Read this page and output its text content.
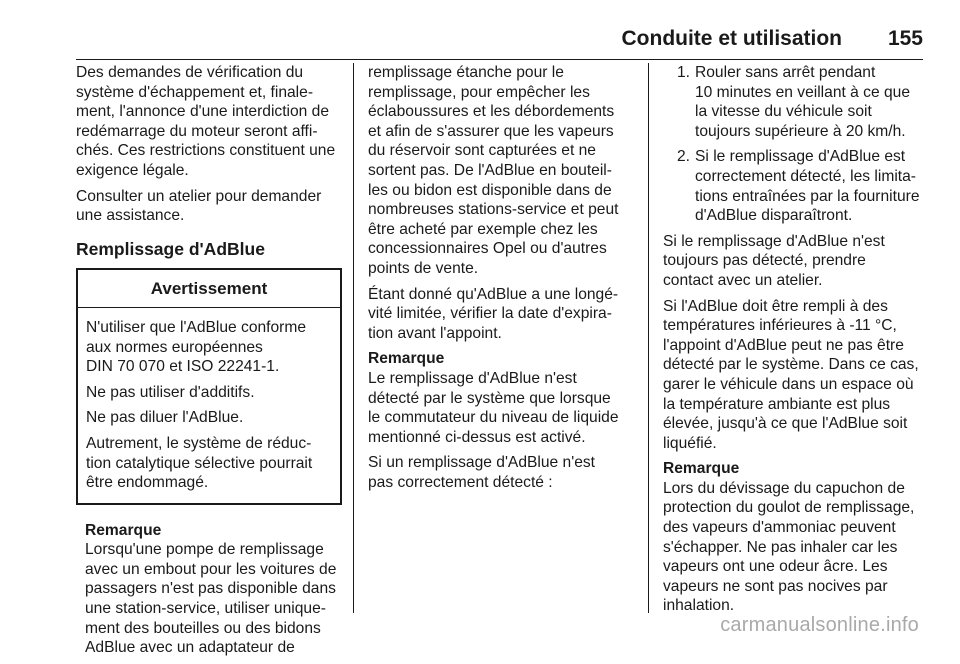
Conduite et utilisation 155

Des demandes de vérification du
système d'échappement et, finale-
ment, l'annonce d'une interdiction de
redémarrage du moteur seront affi-
chés. Ces restrictions constituent une
exigence légale.

Consulter un atelier pour demander
une assistance.

Remplissage d'AdBlue
Avertissement

N'utiliser que l'AdBlue conforme
aux normes européennes
DIN 70 070 et ISO 22241-1.

Ne pas utiliser d'additifs.

Ne pas diluer l'AdBlue.

Autrement, le système de réduc-
tion catalytique sélective pourrait
être endommagé.

Remarque

Lorsqu'une pompe de remplissage
avec un embout pour les voitures de
passagers n'est pas disponible dans
une station-service, utiliser unique-
ment des bouteilles ou des bidons
AdBlue avec un adaptateur de

remplissage étanche pour le
remplissage, pour empêcher les
éclaboussures et les débordements
et afin de s'assurer que les vapeurs
du réservoir sont capturées et ne
sortent pas. De l'AdBlue en bouteil-
les ou bidon est disponible dans de
nombreuses stations-service et peut
être acheté par exemple chez les
concessionnaires Opel ou d'autres
points de vente.

Étant donné qu'AdBlue a une longé-
vité limitée, vérifier la date d'expira-
tion avant l'appoint.

Remarque

Le remplissage d'AdBlue n'est
détecté par le système que lorsque
le commutateur du niveau de liquide
mentionné ci-dessus est activé.

Si un remplissage d'AdBlue n'est
pas correctement détecté :

1. Rouler sans arrêt pendant
10 minutes en veillant à ce que
la vitesse du véhicule soit
toujours supérieure à 20 km/h.
2. Si le remplissage d'AdBlue est
correctement détecté, les limita-
tions entraînées par la fourniture
d'AdBlue disparaîtront.

Si le remplissage d'AdBlue n'est
toujours pas détecté, prendre
contact avec un atelier.

Si l'AdBlue doit être rempli à des
températures inférieures à -11 °C,
l'appoint d'AdBlue peut ne pas être
détecté par le système. Dans ce cas,
garer le véhicule dans un espace où
la température ambiante est plus
élevée, jusqu'à ce que l'AdBlue soit
liquéfié.

Remarque

Lors du dévissage du capuchon de
protection du goulot de remplissage,
des vapeurs d'ammoniac peuvent
s'échapper. Ne pas inhaler car les
vapeurs ont une odeur âcre. Les
vapeurs ne sont pas nocives par
inhalation.

carmanualsonline.info
